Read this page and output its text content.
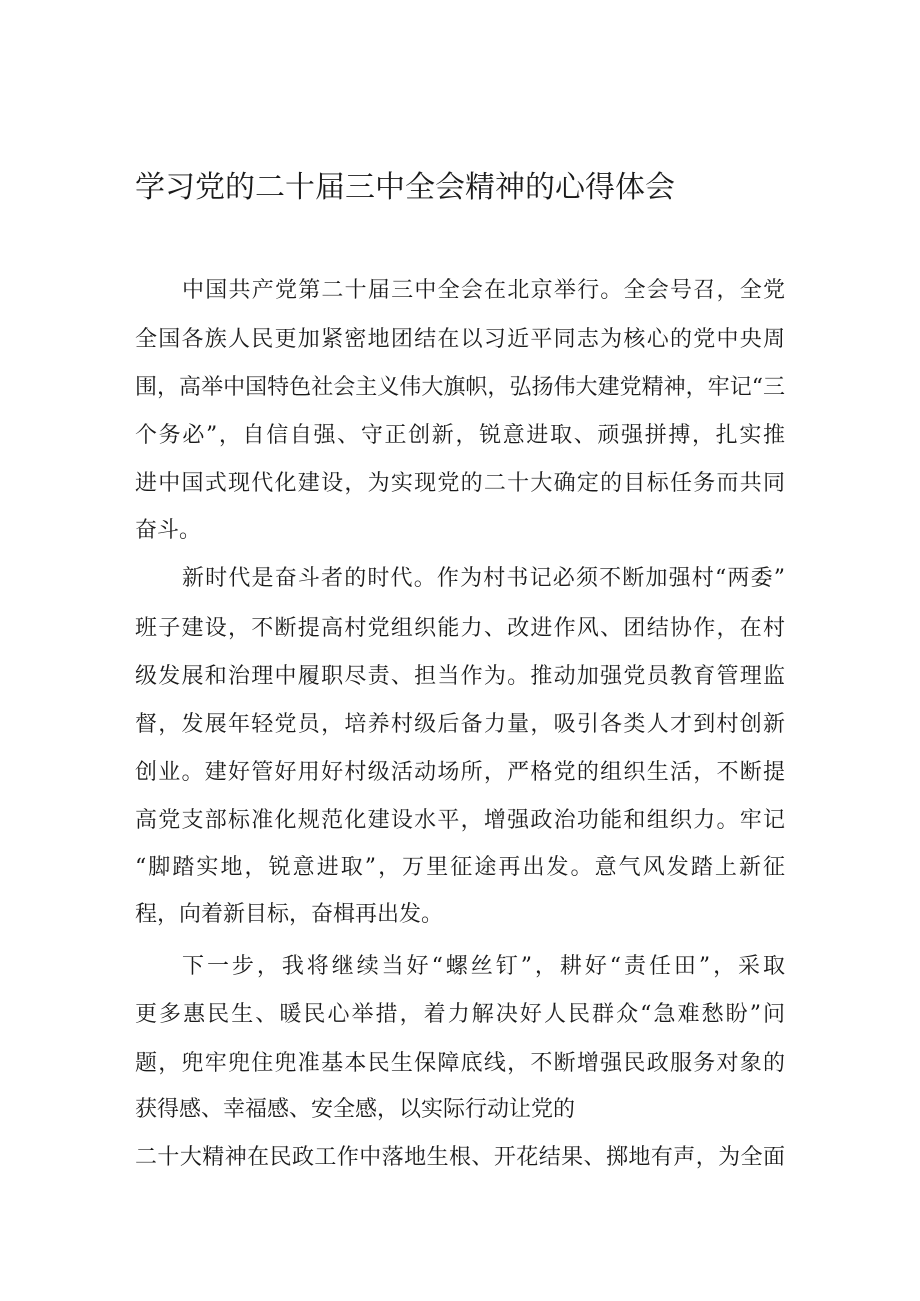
学习党的二十届三中全会精神的心得体会

中国共产党第二十届三中全会在北京举行。全会号召，全党

全国各族人民更加紧密地团结在以习近平同志为核心的党中央周

围，高举中国特色社会主义伟大旗帜，弘扬伟大建党精神，牢记“三

个务必”，自信自强、守正创新，锐意进取、顽强拼搏，扎实推

进中国式现代化建设，为实现党的二十大确定的目标任务而共同

奋斗。

新时代是奋斗者的时代。作为村书记必须不断加强村“两委”

班子建设，不断提高村党组织能力、改进作风、团结协作，在村

级发展和治理中履职尽责、担当作为。推动加强党员教育管理监

督，发展年轻党员，培养村级后备力量，吸引各类人才到村创新

创业。建好管好用好村级活动场所，严格党的组织生活，不断提

高党支部标准化规范化建设水平，增强政治功能和组织力。牢记

“脚踏实地，锐意进取”，万里征途再出发。意气风发踏上新征

程，向着新目标，奋楫再出发。

下一步，我将继续当好“螺丝钉”，耕好“责任田”，采取

更多惠民生、暖民心举措，着力解决好人民群众“急难愁盼”问

题，兜牢兜住兜准基本民生保障底线，不断增强民政服务对象的

获得感、幸福感、安全感，以实际行动让党的

二十大精神在民政工作中落地生根、开花结果、掷地有声，为全面
